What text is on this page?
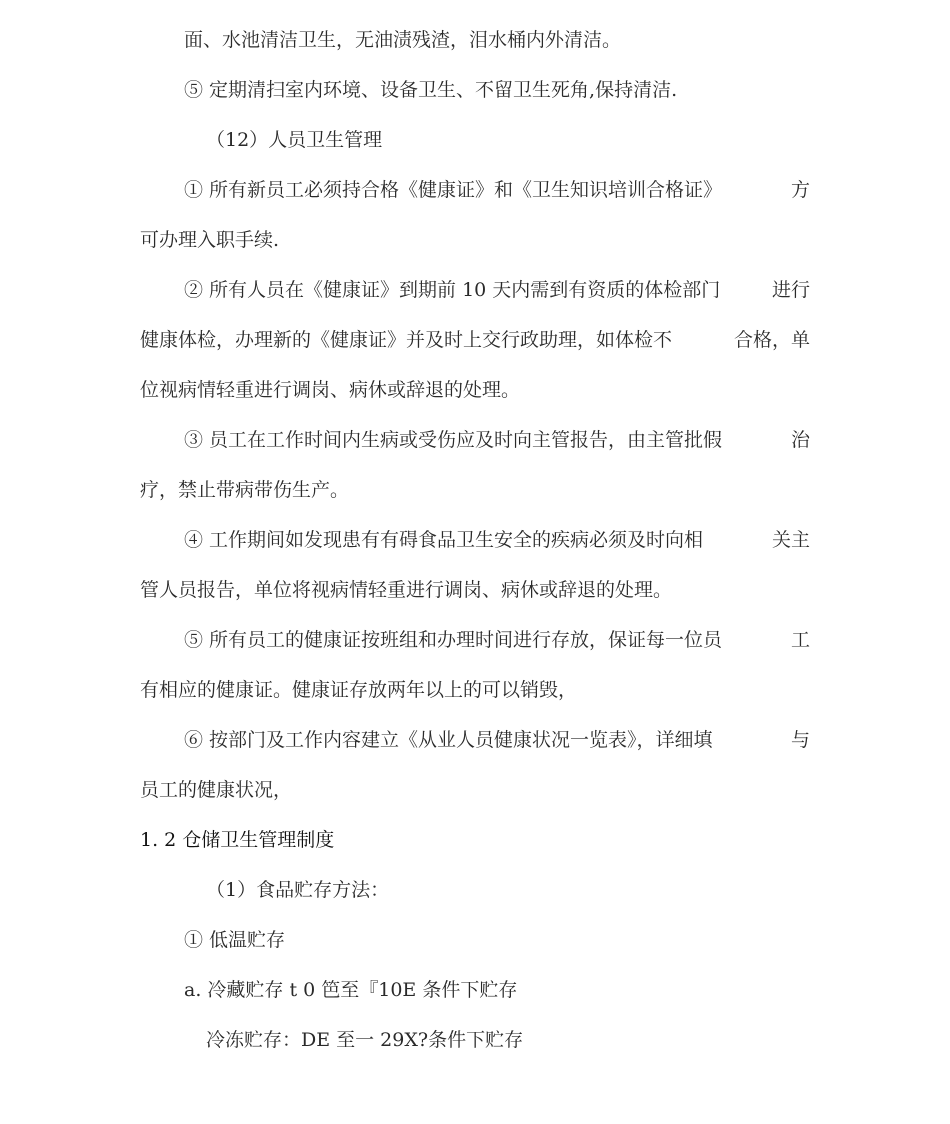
面、水池清洁卫生，无油渍残渣，泪水桶内外清洁。
⑤ 定期清扫室内环境、设备卫生、不留卫生死角,保持清洁.
（12）人员卫生管理
① 所有新员工必须持合格《健康证》和《卫生知识培训合格证》	方
可办理入职手续.
② 所有人员在《健康证》到期前 10 天内需到有资质的体检部门	进行
健康体检，办理新的《健康证》并及时上交行政助理，如体检不	合格，单
位视病情轻重进行调岗、病休或辞退的处理。
③ 员工在工作时间内生病或受伤应及时向主管报告，由主管批假	治
疗，禁止带病带伤生产。
④ 工作期间如发现患有有碍食品卫生安全的疾病必须及时向相	关主
管人员报告，单位将视病情轻重进行调岗、病休或辞退的处理。
⑤ 所有员工的健康证按班组和办理时间进行存放，保证每一位员	工
有相应的健康证。健康证存放两年以上的可以销毁，
⑥ 按部门及工作内容建立《从业人员健康状况一览表》，详细填	与
员工的健康状况，
1. 2 仓储卫生管理制度
（1）食品贮存方法：
① 低温贮存
a. 冷藏贮存 t 0 笆至『10E 条件下贮存
冷冻贮存：DE 至一 29X?条件下贮存
